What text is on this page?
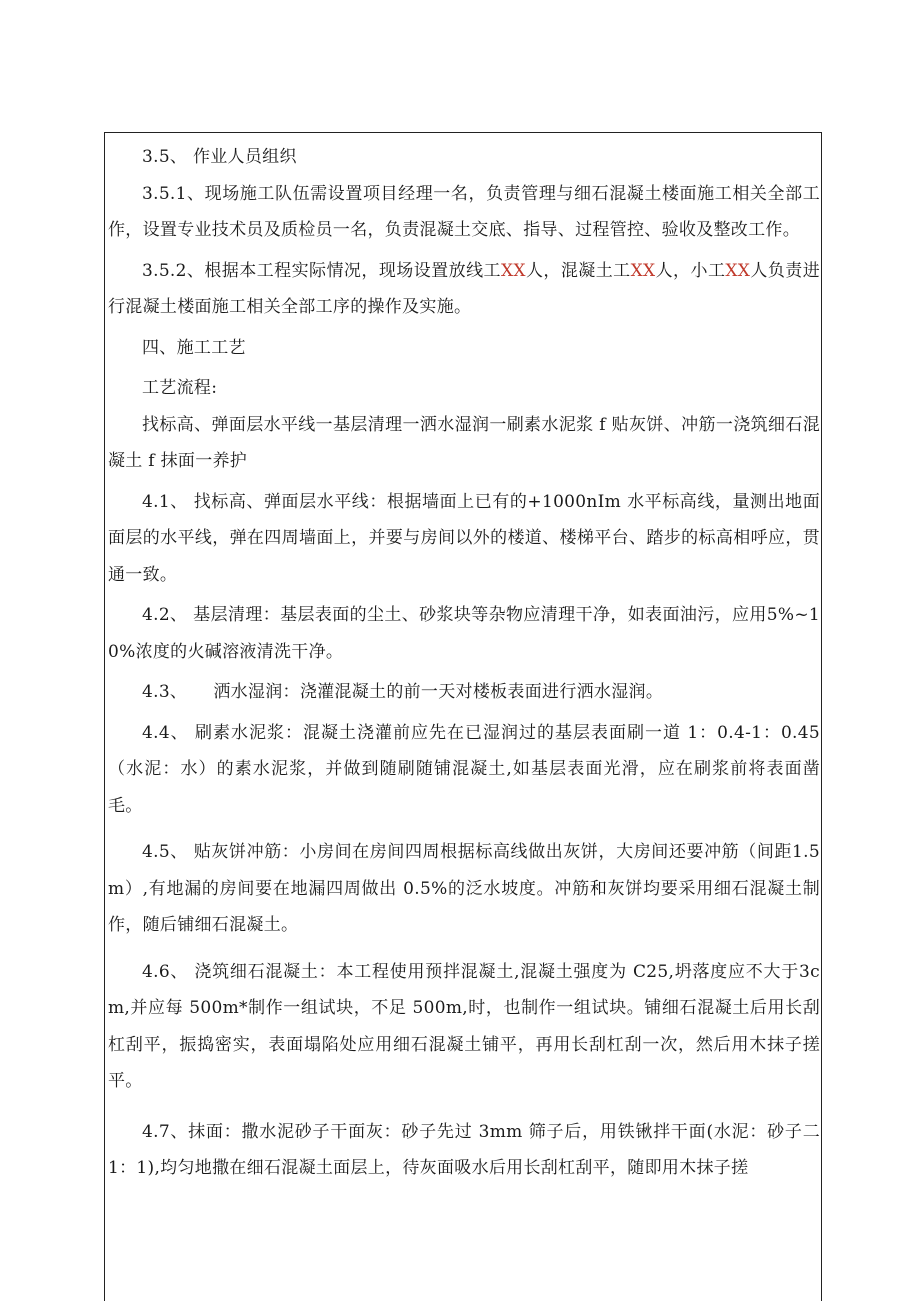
3.5、 作业人员组织

3.5.1、现场施工队伍需设置项目经理一名，负责管理与细石混凝土楼面施工相关全部工作，设置专业技术员及质检员一名，负责混凝土交底、指导、过程管控、验收及整改工作。

3.5.2、根据本工程实际情况，现场设置放线工XX人，混凝土工XX人，小工XX人负责进行混凝土楼面施工相关全部工序的操作及实施。

四、施工工艺

工艺流程:

找标高、弹面层水平线一基层清理一洒水湿润一刷素水泥浆 f 贴灰饼、冲筋一浇筑细石混凝土 f 抹面一养护

4.1、 找标高、弹面层水平线：根据墙面上已有的+1000nIm 水平标高线，量测出地面面层的水平线，弹在四周墙面上，并要与房间以外的楼道、楼梯平台、踏步的标高相呼应，贯通一致。

4.2、 基层清理：基层表面的尘土、砂浆块等杂物应清理干净，如表面油污，应用5%~10%浓度的火碱溶液清洗干净。

4.3、　　洒水湿润：浇灌混凝土的前一天对楼板表面进行洒水湿润。

4.4、 刷素水泥浆：混凝土浇灌前应先在已湿润过的基层表面刷一道 1：0.4-1：0.45（水泥：水）的素水泥浆，并做到随刷随铺混凝土,如基层表面光滑，应在刷浆前将表面凿毛。

4.5、 贴灰饼冲筋：小房间在房间四周根据标高线做出灰饼，大房间还要冲筋（间距1.5m）,有地漏的房间要在地漏四周做出 0.5%的泛水坡度。冲筋和灰饼均要采用细石混凝土制作，随后铺细石混凝土。

4.6、 浇筑细石混凝土：本工程使用预拌混凝土,混凝土强度为 C25,坍落度应不大于3cm,并应每 500m*制作一组试块，不足 500m,时，也制作一组试块。铺细石混凝土后用长刮杠刮平，振捣密实，表面塌陷处应用细石混凝土铺平，再用长刮杠刮一次，然后用木抹子搓平。

4.7、抹面：撒水泥砂子干面灰：砂子先过 3mm 筛子后，用铁锹拌干面(水泥：砂子二 1：1),均匀地撒在细石混凝土面层上，待灰面吸水后用长刮杠刮平，随即用木抹子搓
